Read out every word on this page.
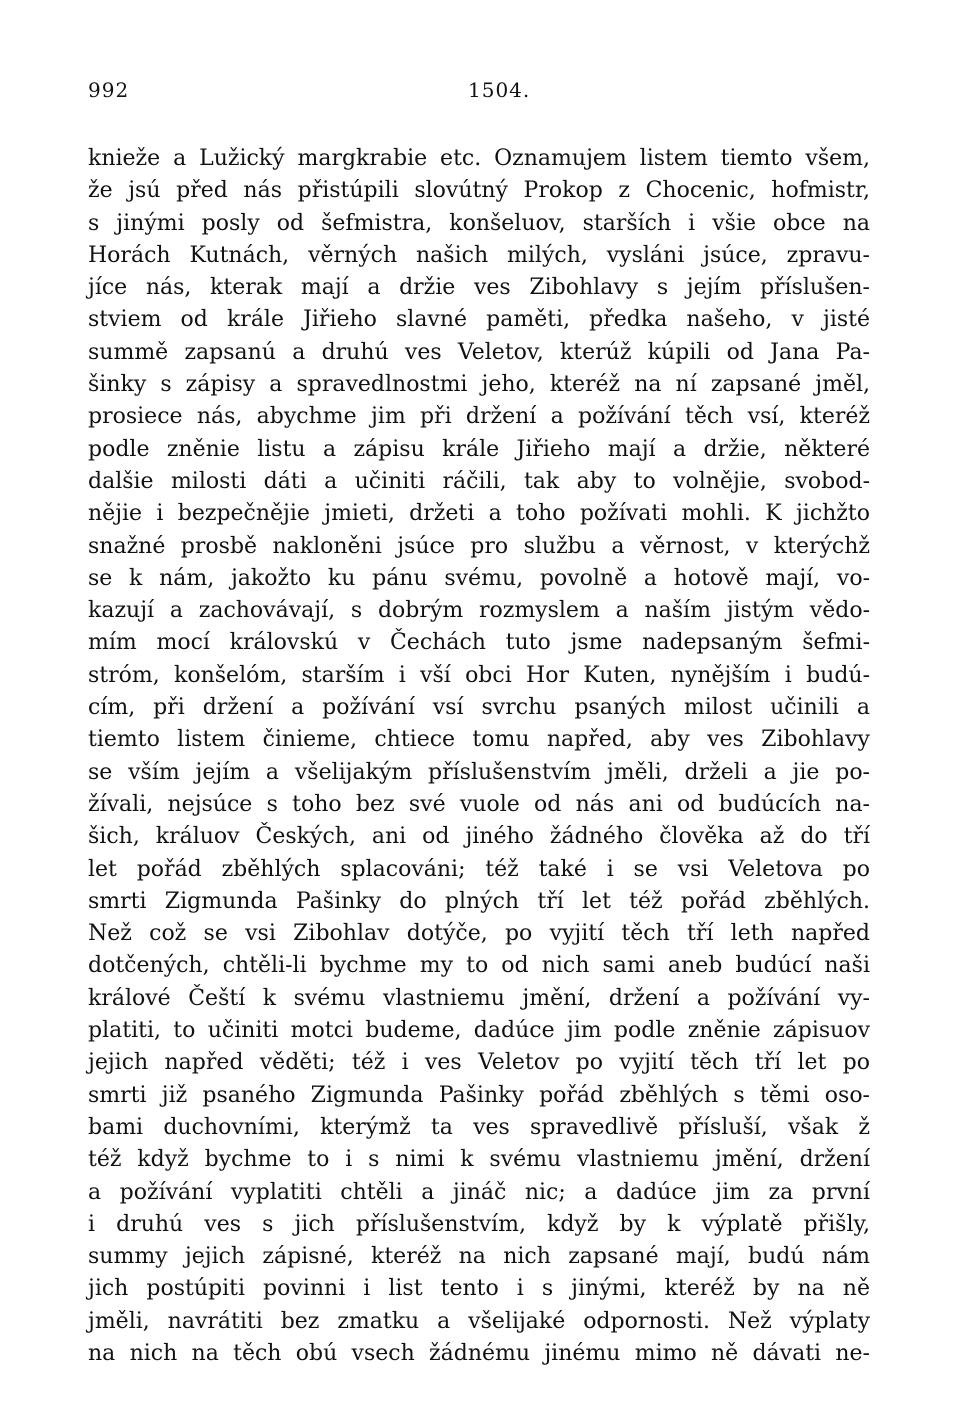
992	1504.
knieže a Lužický margkrabie etc. Oznamujem listem tiemto všem,
že jsú před nás přistúpili slovútný Prokop z Chocenic, hofmistr,
s jinými posly od šefmistra, konšeluov, starších i všie obce na
Horách Kutnách, věrných našich milých, vysláni jsúce, zpravu-
jíce nás, kterak mají a držie ves Zibohlavy s jejím příslušen-
stviem od krále Jiřieho slavné paměti, předka našeho, v jisté
summě zapsanú a druhú ves Veletov, kterúž kúpili od Jana Pa-
šinky s zápisy a spravedlnostmi jeho, kteréž na ní zapsané jměl,
prosiece nás, abychme jim při držení a požívání těch vsí, kteréž
podle zněnie listu a zápisu krále Jiřieho mají a držie, některé
dalšie milosti dáti a učiniti ráčili, tak aby to volnějie, svobod-
nějie i bezpečnějie jmieti, držeti a toho požívati mohli. K jichžto
snažné prosbě nakloněni jsúce pro službu a věrnost, v kterýchž
se k nám, jakožto ku pánu svému, povolně a hotově mají, vo-
kazují a zachovávají, s dobrým rozmyslem a naším jistým vědo-
mím mocí královskú v Čechách tuto jsme nadepsaným šefmi-
stróm, konšelóm, starším i vší obci Hor Kuten, nynějším i budú-
cím, při držení a požívání vsí svrchu psaných milost učinili a
tiemto listem činieme, chtiece tomu napřed, aby ves Zibohlavy
se vším jejím a všelijakým příslušenstvím jměli, drželi a jie po-
žívali, nejsúce s toho bez své vuole od nás ani od budúcích na-
šich, králuov Českých, ani od jiného žádného člověka až do tří
let pořád zběhlých splacováni; též také i se vsi Veletova po
smrti Zigmunda Pašinky do plných tří let též pořád zběhlých.
Než což se vsi Zibohlav dotýče, po vyjití těch tří leth napřed
dotčených, chtěli-li bychme my to od nich sami aneb budúcí naši
králové Čeští k svému vlastniemu jmění, držení a požívání vy-
platiti, to učiniti motci budeme, dadúce jim podle zněnie zápisuov
jejich napřed věděti; též i ves Veletov po vyjití těch tří let po
smrti již psaného Zigmunda Pašinky pořád zběhlých s těmi oso-
bami duchovními, kterýmž ta ves spravedlivě přísluší, však ž
též když bychme to i s nimi k svému vlastniemu jmění, držení
a požívání vyplatiti chtěli a jináč nic; a dadúce jim za první
i druhú ves s jich příslušenstvím, když by k výplatě přišly,
summy jejich zápisné, kteréž na nich zapsané mají, budú nám
jich postúpiti povinni i list tento i s jinými, kteréž by na ně
jměli, navrátiti bez zmatku a všelijaké odpornosti. Než výplaty
na nich na těch obú vsech žádnému jinému mimo ně dávati ne-
